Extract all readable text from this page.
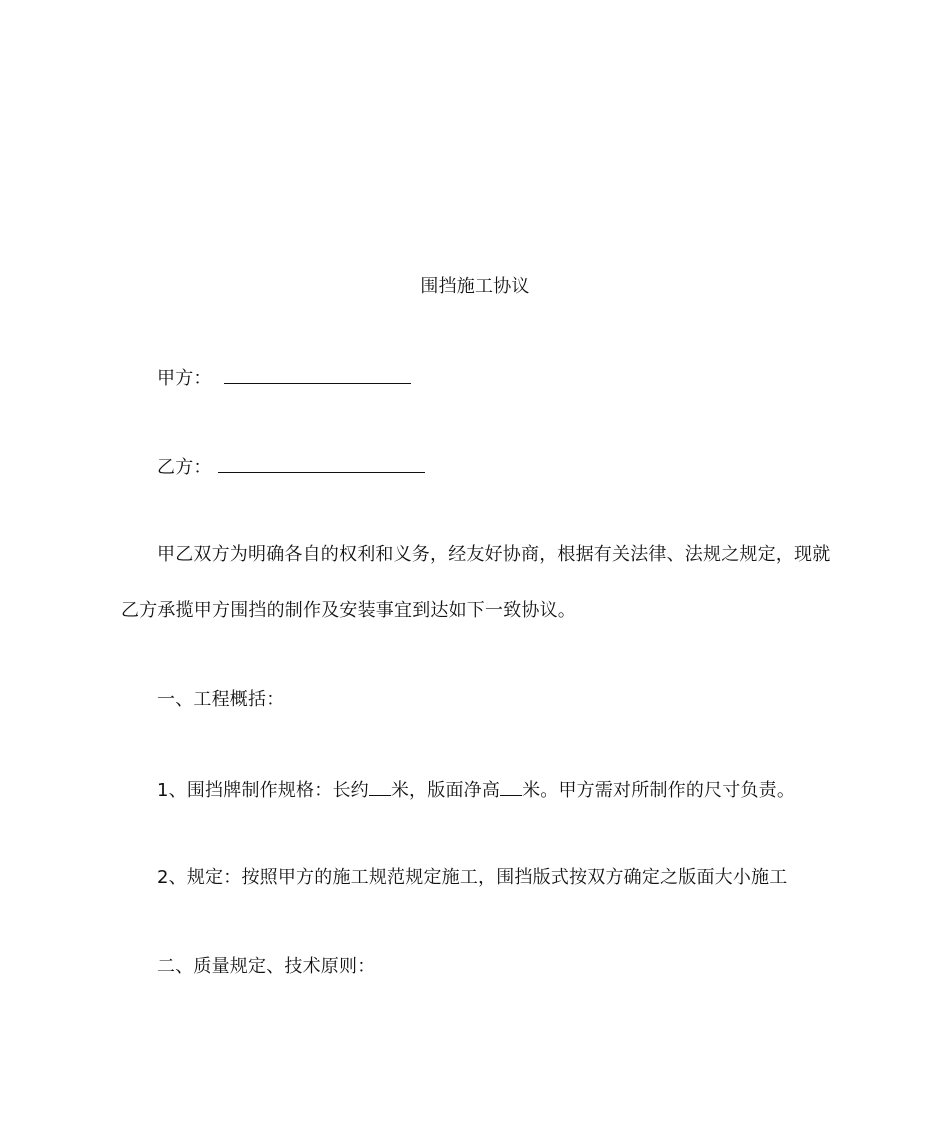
围挡施工协议
甲方：
乙方：
甲乙双方为明确各自的权利和义务，经友好协商，根据有关法律、法规之规定，现就
乙方承揽甲方围挡的制作及安装事宜到达如下一致协议。
一、工程概括：
1、围挡牌制作规格：长约 米，版面净高 米。甲方需对所制作的尺寸负责。
2、规定：按照甲方的施工规范规定施工，围挡版式按双方确定之版面大小施工
二、质量规定、技术原则：
